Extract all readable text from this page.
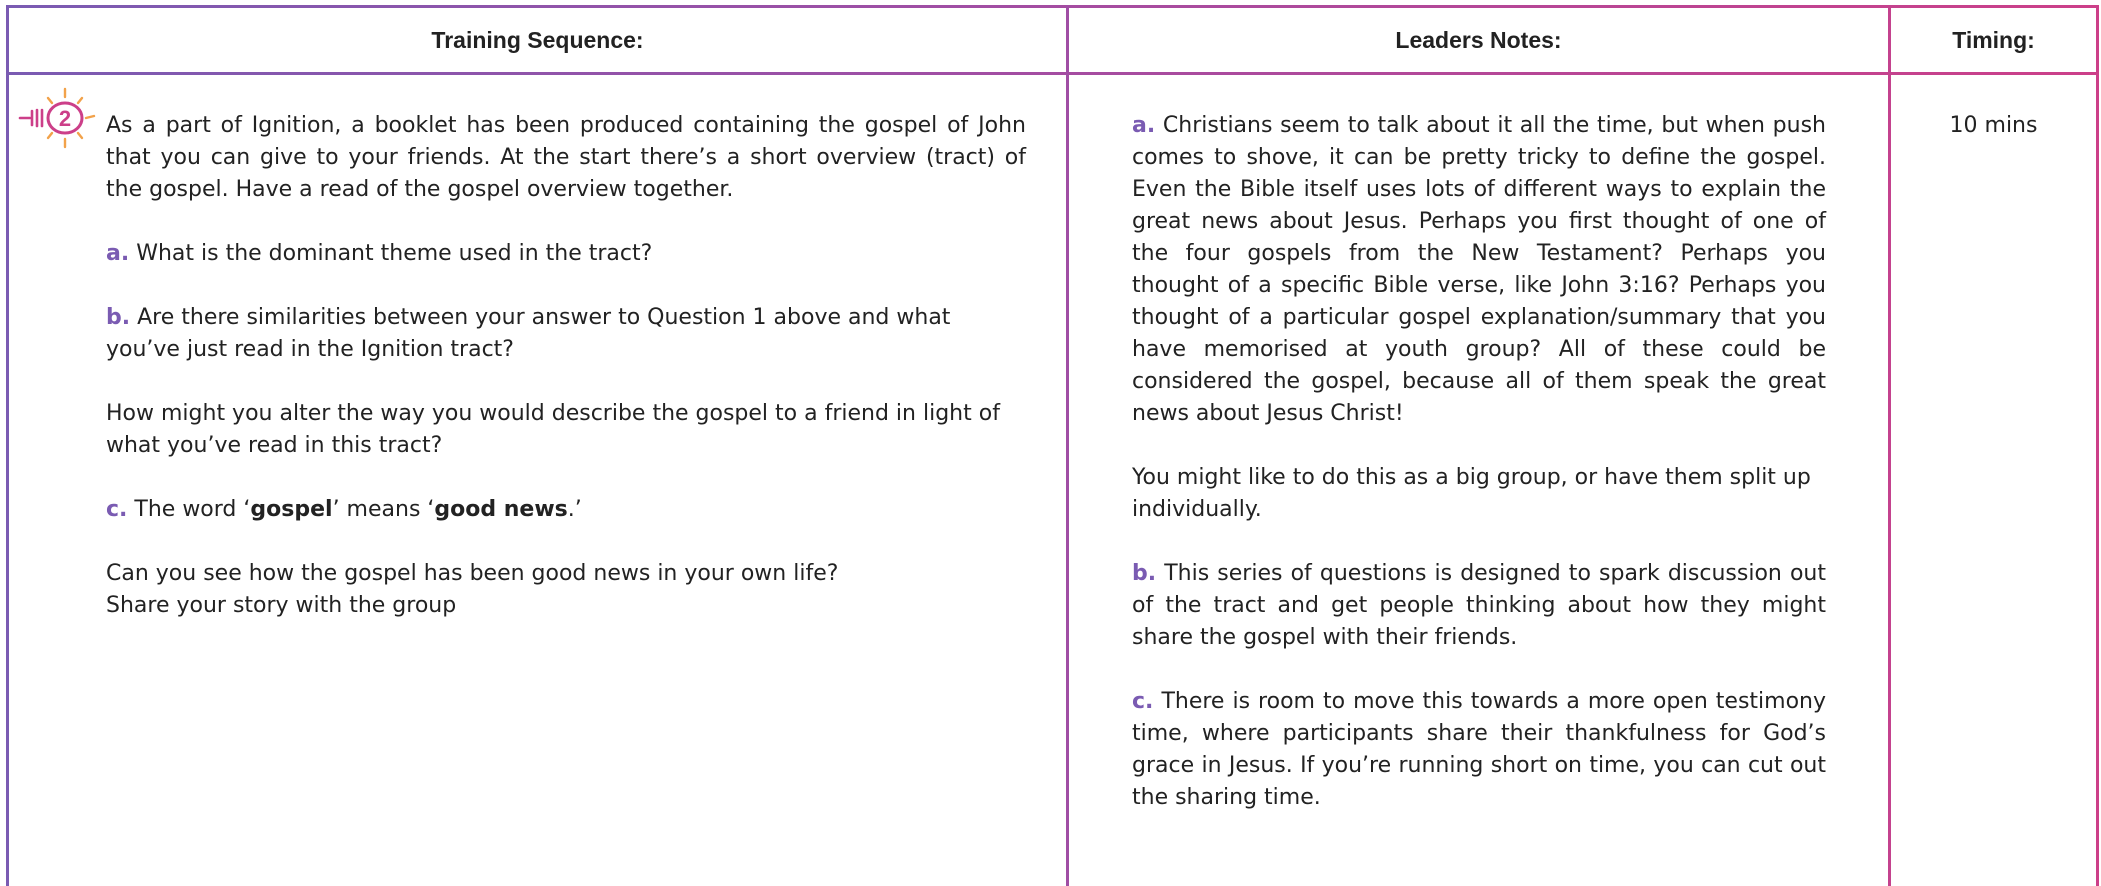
Training Sequence:	Leaders Notes:	Timing:
2 As a part of Ignition, a booklet has been produced containing the gospel of John that you can give to your friends. At the start there’s a short overview (tract) of the gospel. Have a read of the gospel overview together.

a. What is the dominant theme used in the tract?

b. Are there similarities between your answer to Question 1 above and what you’ve just read in the Ignition tract?

How might you alter the way you would describe the gospel to a friend in light of what you’ve read in this tract?

c. The word ‘gospel’ means ‘good news.’

Can you see how the gospel has been good news in your own life?

Share your story with the group

a. Christians seem to talk about it all the time, but when push comes to shove, it can be pretty tricky to define the gospel. Even the Bible itself uses lots of different ways to explain the great news about Jesus. Perhaps you first thought of one of the four gospels from the New Testament? Perhaps you thought of a specific Bible verse, like John 3:16? Perhaps you thought of a particular gospel explanation/summary that you have memorised at youth group? All of these could be considered the gospel, because all of them speak the great news about Jesus Christ!

You might like to do this as a big group, or have them split up individually.

b. This series of questions is designed to spark discussion out of the tract and get people thinking about how they might share the gospel with their friends.

c. There is room to move this towards a more open testimony time, where participants share their thankfulness for God’s grace in Jesus. If you’re running short on time, you can cut out the sharing time.

10 mins
